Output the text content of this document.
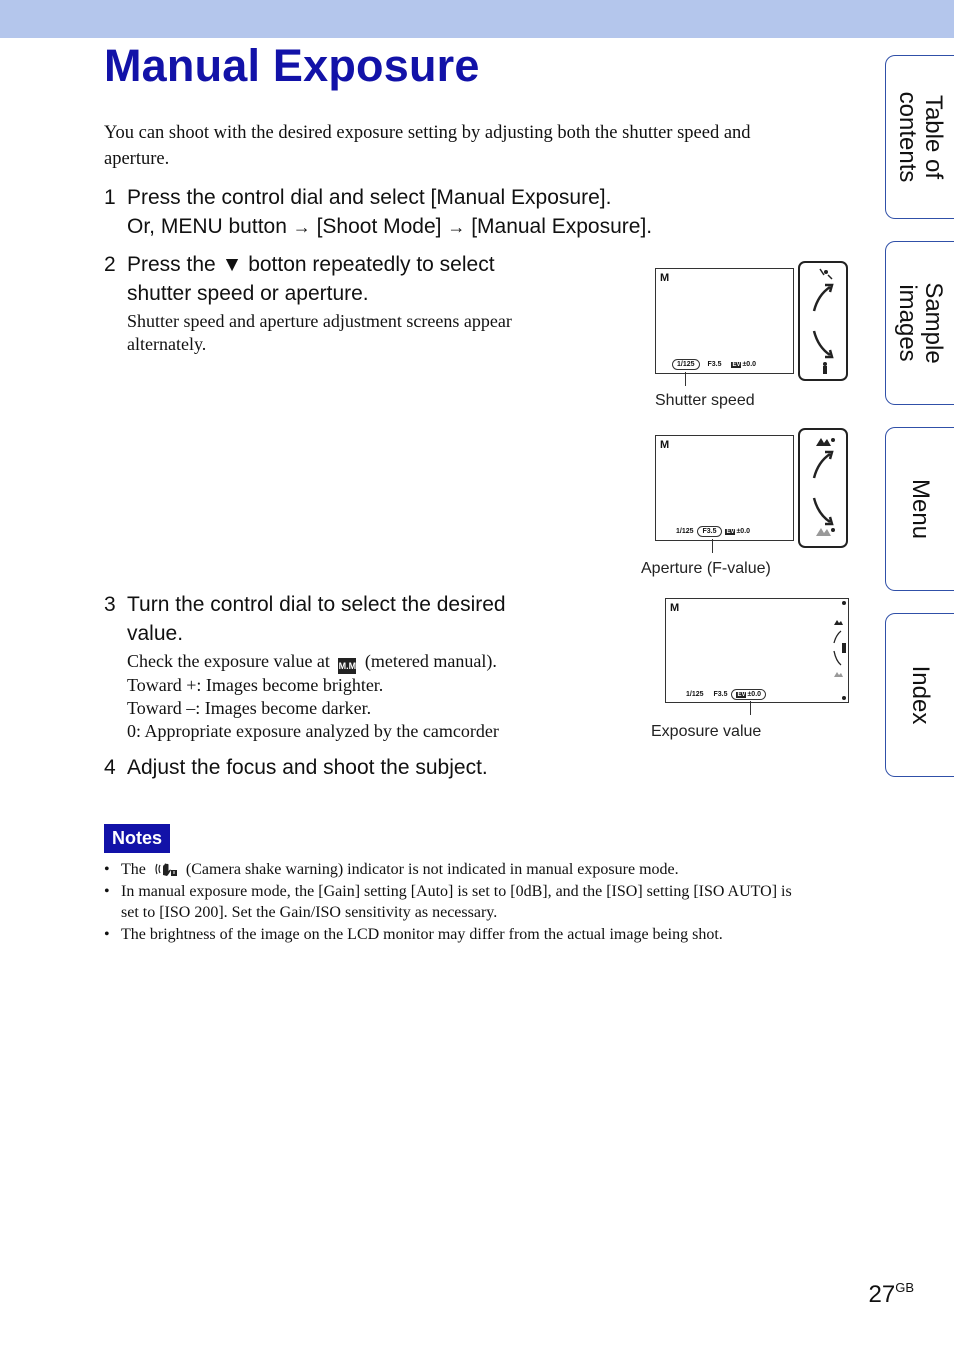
Manual Exposure

You can shoot with the desired exposure setting by adjusting both the shutter speed and
aperture.

1 Press the control dial and select [Manual Exposure].
Or, MENU button → [Shoot Mode] → [Manual Exposure].
2 Press the ▼ botton repeatedly to select
shutter speed or aperture.
Shutter speed and aperture adjustment screens appear
alternately.
3 Turn the control dial to select the desired
value.
Check the exposure value at M.M (metered manual).
Toward +: Images become brighter.
Toward –: Images become darker.
0: Appropriate exposure analyzed by the camcorder
4 Adjust the focus and shoot the subject.
M
1/125 F3.5 EV ±0.0
Shutter speed
M
1/125 F3.5 EV ±0.0
Aperture (F-value)
M
1/125 F3.5 EV ±0.0
Exposure value
Notes
• The	(Camera shake warning) indicator is not indicated in manual exposure mode.
• In manual exposure mode, the [Gain] setting [Auto] is set to [0dB], and the [ISO] setting [ISO AUTO] is
set to [ISO 200]. Set the Gain/ISO sensitivity as necessary.
• The brightness of the image on the LCD monitor may differ from the actual image being shot.
Table of
contents
Sample
images
Menu
Index
$27^{GB}$
